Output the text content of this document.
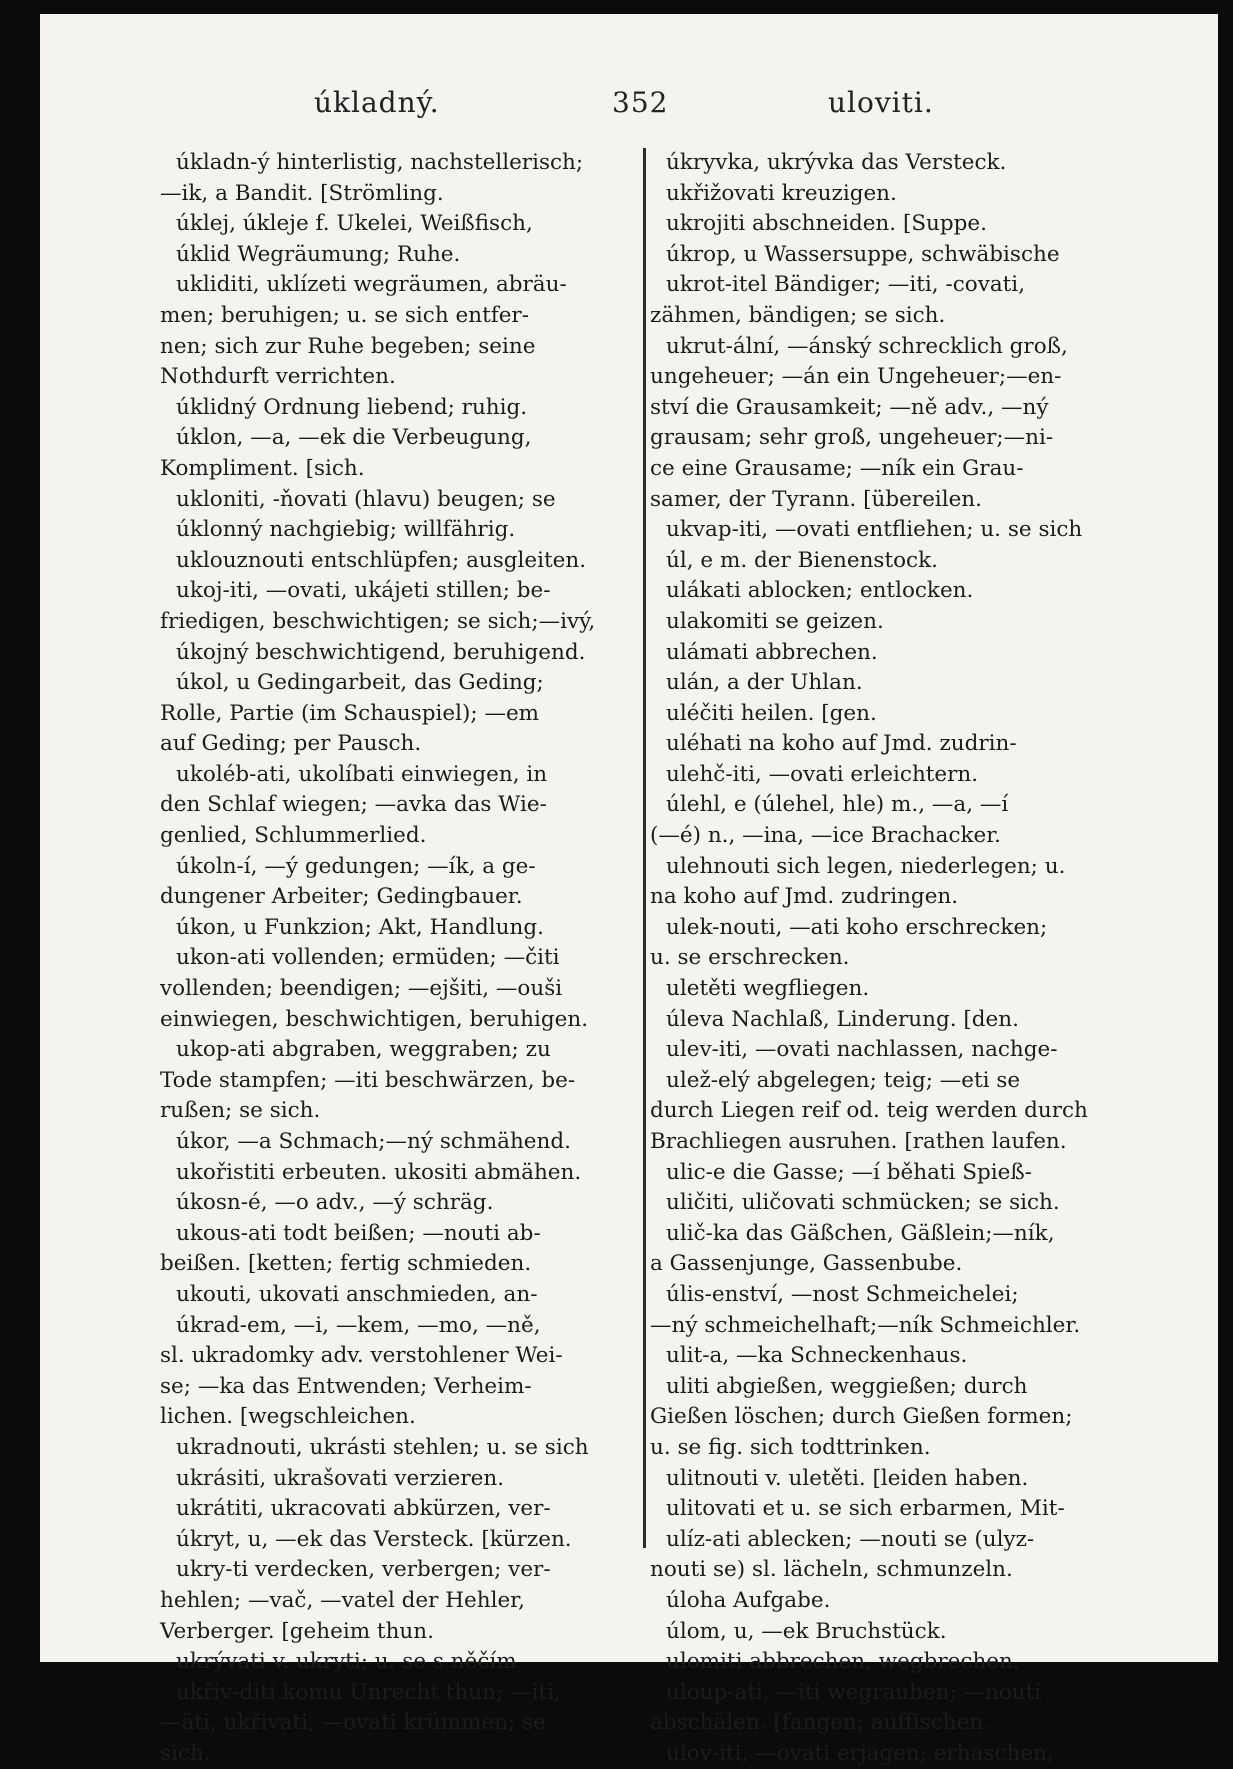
úkladný.	352	uloviti.
úkladn-ý hinterlistig, nachstellerisch;
—ik, a Bandit. [Strömling.
úklej, úkleje f. Ukelei, Weißfisch,
úklid Wegräumung; Ruhe.
ukliditi, uklízeti wegräumen, abräu-
men; beruhigen; u. se sich entfer-
nen; sich zur Ruhe begeben; seine
Nothdurft verrichten.
úklidný Ordnung liebend; ruhig.
úklon, —a, —ek die Verbeugung,
Kompliment. [sich.
ukloniti, -ňovati (hlavu) beugen; se
úklonný nachgiebig; willfährig.
uklouznouti entschlüpfen; ausgleiten.
ukoj-iti, —ovati, ukájeti stillen; be-
friedigen, beschwichtigen; se sich;—ivý,
úkojný beschwichtigend, beruhigend.
úkol, u Gedingarbeit, das Geding;
Rolle, Partie (im Schauspiel); —em
auf Geding; per Pausch.
ukoléb-ati, ukolíbati einwiegen, in
den Schlaf wiegen; —avka das Wie-
genlied, Schlummerlied.
úkoln-í, —ý gedungen; —ík, a ge-
dungener Arbeiter; Gedingbauer.
úkon, u Funkzion; Akt, Handlung.
ukon-ati vollenden; ermüden; —čiti
vollenden; beendigen; —ejšiti, —ouši
einwiegen, beschwichtigen, beruhigen.
ukop-ati abgraben, weggraben; zu
Tode stampfen; —iti beschwärzen, be-
rußen; se sich.
úkor, —a Schmach;—ný schmähend.
ukořistiti erbeuten. ukositi abmähen.
úkosn-é, —o adv., —ý schräg.
ukous-ati todt beißen; —nouti ab-
beißen. [ketten; fertig schmieden.
ukouti, ukovati anschmieden, an-
úkrad-em, —i, —kem, —mo, —ně,
sl. ukradomky adv. verstohlener Wei-
se; —ka das Entwenden; Verheim-
lichen. [wegschleichen.
ukradnouti, ukrásti stehlen; u. se sich
ukrásiti, ukrašovati verzieren.
ukrátiti, ukracovati abkürzen, ver-
úkryt, u, —ek das Versteck. [kürzen.
ukry-ti verdecken, verbergen; ver-
hehlen; —vač, —vatel der Hehler,
Verberger. [geheim thun.
ukrývati v. ukryti; u. se s něčím
ukřiv-diti komu Unrecht thun; —iti,
—äti, ukřivati, —ovati krümmen; se
sich.
úkryvka, ukrývka das Versteck.
ukřižovati kreuzigen.
ukrojiti abschneiden. [Suppe.
úkrop, u Wassersuppe, schwäbische
ukrot-itel Bändiger; —iti, -covati,
zähmen, bändigen; se sich.
ukrut-ální, —ánský schrecklich groß,
ungeheuer; —án ein Ungeheuer;—en-
ství die Grausamkeit; —ně adv., —ný
grausam; sehr groß, ungeheuer;—ni-
ce eine Grausame; —ník ein Grau-
samer, der Tyrann. [übereilen.
ukvap-iti, —ovati entfliehen; u. se sich
úl, e m. der Bienenstock.
ulákati ablocken; entlocken.
ulakomiti se geizen.
ulámati abbrechen.
ulán, a der Uhlan.
uléčiti heilen. [gen.
uléhati na koho auf Jmd. zudrin-
ulehč-iti, —ovati erleichtern.
úlehl, e (úlehel, hle) m., —a, —í
(—é) n., —ina, —ice Brachacker.
ulehnouti sich legen, niederlegen; u.
na koho auf Jmd. zudringen.
ulek-nouti, —ati koho erschrecken;
u. se erschrecken.
uletěti wegfliegen.
úleva Nachlaß, Linderung. [den.
ulev-iti, —ovati nachlassen, nachge-
ulež-elý abgelegen; teig; —eti se
durch Liegen reif od. teig werden durch
Brachliegen ausruhen. [rathen laufen.
ulic-e die Gasse; —í běhati Spieß-
uličiti, uličovati schmücken; se sich.
ulič-ka das Gäßchen, Gäßlein;—ník,
a Gassenjunge, Gassenbube.
úlis-enství, —nost Schmeichelei;
—ný schmeichelhaft;—ník Schmeichler.
ulit-a, —ka Schneckenhaus.
uliti abgießen, weggießen; durch
Gießen löschen; durch Gießen formen;
u. se fig. sich todttrinken.
ulitnouti v. uletěti. [leiden haben.
ulitovati et u. se sich erbarmen, Mit-
ulíz-ati ablecken; —nouti se (ulyz-
nouti se) sl. lächeln, schmunzeln.
úloha Aufgabe.
úlom, u, —ek Bruchstück.
ulomiti abbrechen, wegbrechen.
uloup-ati, —iti wegrauben; —nouti
abschälen. [fangen; auffischen.
ulov-iti, —ovati erjagen; erhaschen,
